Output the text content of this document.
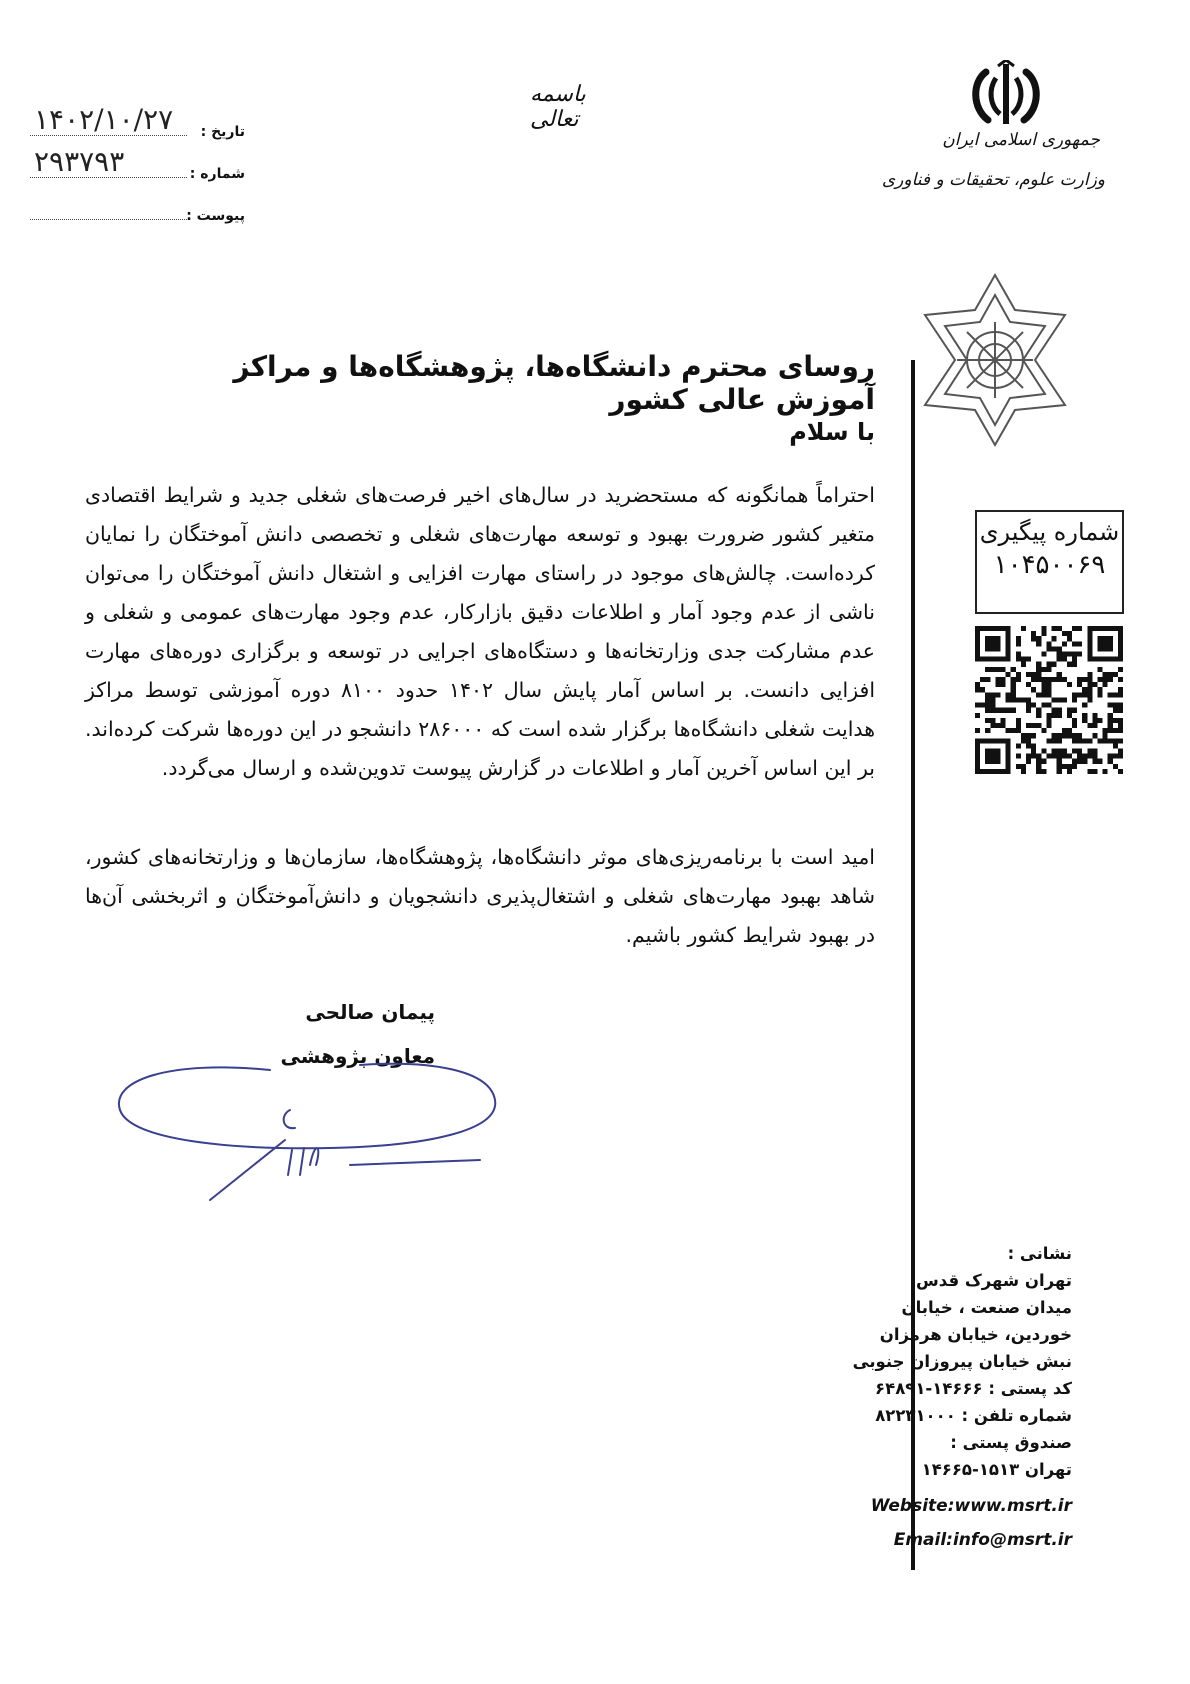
باسمه تعالی
تاریخ :
۱۴۰۲/۱۰/۲۷
شماره :
۲۹۳۷۹۳
پیوست :
جمهوری اسلامی ایران
وزارت علوم، تحقیقات و فناوری
شماره پیگیری
۱۰۴۵۰۰۶۹
روسای محترم دانشگاه‌ها، پژوهشگاه‌ها و مراکز آموزش عالی کشور
با سلام
احتراماً همانگونه که مستحضرید در سال‌های اخیر فرصت‌های شغلی جدید و شرایط اقتصادی متغیر کشور ضرورت بهبود و توسعه مهارت‌های شغلی و تخصصی دانش آموختگان را نمایان کرده‌است. چالش‌های موجود در راستای مهارت افزایی و اشتغال دانش آموختگان را می‌توان ناشی از عدم وجود آمار و اطلاعات دقیق بازارکار، عدم وجود مهارت‌های عمومی و شغلی و عدم مشارکت جدی وزارتخانه‌ها و دستگاه‌های اجرایی در توسعه و برگزاری دوره‌های مهارت افزایی دانست. بر اساس آمار پایش سال ۱۴۰۲ حدود ۸۱۰۰ دوره آموزشی توسط مراکز هدایت شغلی دانشگاه‌ها برگزار شده است که ۲۸۶۰۰۰ دانشجو در این دوره‌ها شرکت کرده‌اند. بر این اساس آخرین آمار و اطلاعات در گزارش پیوست تدوین‌شده و ارسال می‌گردد.
امید است با برنامه‌ریزی‌های موثر دانشگاه‌ها، پژوهشگاه‌ها، سازمان‌ها و وزارتخانه‌های کشور، شاهد بهبود مهارت‌های شغلی و اشتغال‌پذیری دانشجویان و دانش‌آموختگان و اثربخشی آن‌ها در بهبود شرایط کشور باشیم.
پیمان صالحی
معاون پژوهشی
نشانی :
تهران شهرک قدس
میدان صنعت ، خیابان
خوردین، خیابان هرمزان
نبش خیابان پیروزان جنوبی
کد پستی : ۱۴۶۶۶-۶۴۸۹۱
شماره تلفن : ۸۲۲۳۱۰۰۰
صندوق پستی :
تهران ۱۵۱۳-۱۴۶۶۵
Website:www.msrt.ir
Email:info@msrt.ir
